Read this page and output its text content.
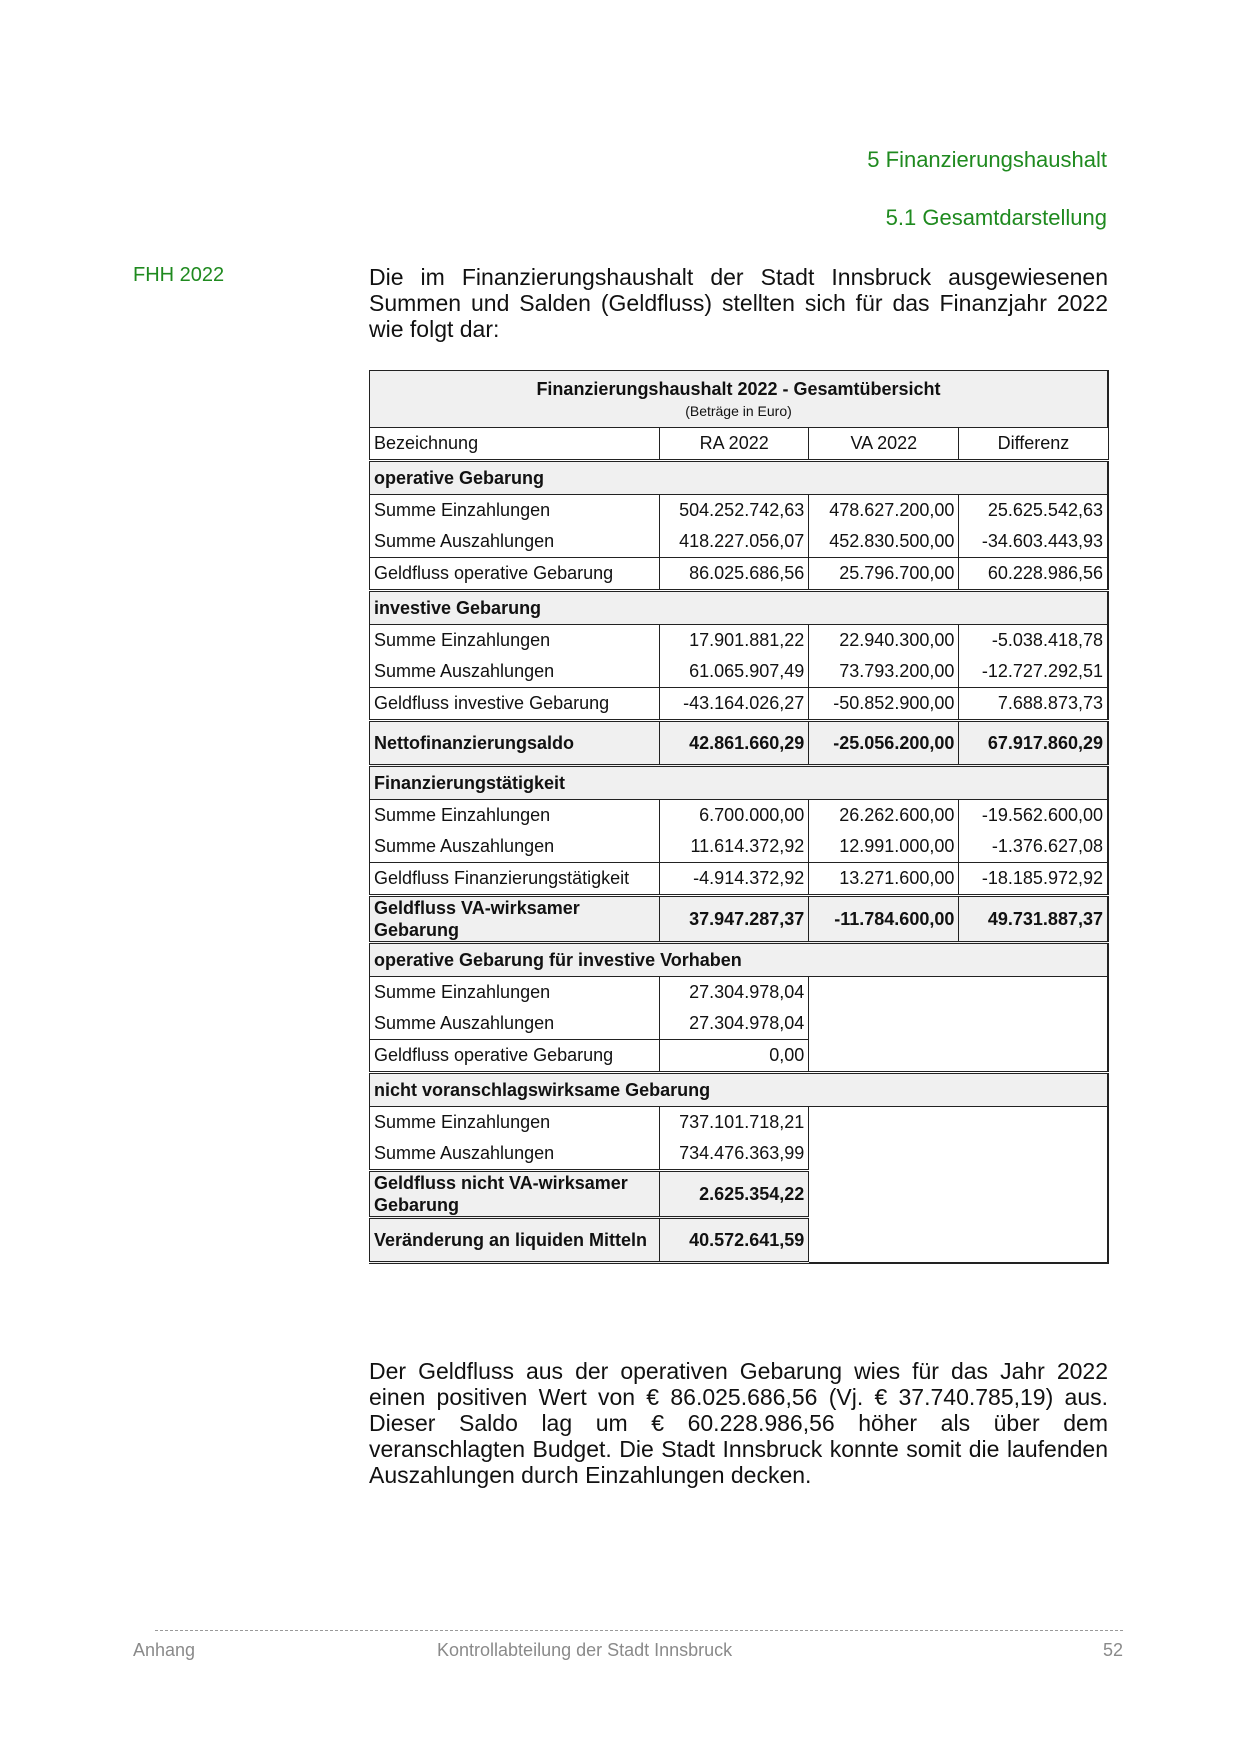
5 Finanzierungshaushalt
5.1 Gesamtdarstellung
FHH 2022	Die im Finanzierungshaushalt der Stadt Innsbruck ausgewiesenen Summen und Salden (Geldfluss) stellten sich für das Finanzjahr 2022 wie folgt dar:
Finanzierungshaushalt 2022 - Gesamtübersicht
(Beträge in Euro)			

Bezeichnung	RA 2022	VA 2022	Differenz
operative Gebarung			
Summe Einzahlungen	504.252.742,63	478.627.200,00	25.625.542,63
Summe Auszahlungen	418.227.056,07	452.830.500,00	-34.603.443,93
Geldfluss operative Gebarung	86.025.686,56	25.796.700,00	60.228.986,56
investive Gebarung			
Summe Einzahlungen	17.901.881,22	22.940.300,00	-5.038.418,78
Summe Auszahlungen	61.065.907,49	73.793.200,00	-12.727.292,51
Geldfluss investive Gebarung	-43.164.026,27	-50.852.900,00	7.688.873,73
Nettofinanzierungsaldo	42.861.660,29	-25.056.200,00	67.917.860,29
Finanzierungstätigkeit			
Summe Einzahlungen	6.700.000,00	26.262.600,00	-19.562.600,00
Summe Auszahlungen	11.614.372,92	12.991.000,00	-1.376.627,08
Geldfluss Finanzierungstätigkeit	-4.914.372,92	13.271.600,00	-18.185.972,92
Geldfluss VA-wirksamer Gebarung	37.947.287,37	-11.784.600,00	49.731.887,37
operative Gebarung für investive Vorhaben			
Summe Einzahlungen	27.304.978,04		
Summe Auszahlungen	27.304.978,04		
Geldfluss operative Gebarung	0,00		
nicht voranschlagswirksame Gebarung			
Summe Einzahlungen	737.101.718,21		
Summe Auszahlungen	734.476.363,99		
Geldfluss nicht VA-wirksamer Gebarung	2.625.354,22		
Veränderung an liquiden Mitteln	40.572.641,59		
Der Geldfluss aus der operativen Gebarung wies für das Jahr 2022 einen positiven Wert von € 86.025.686,56 (Vj. € 37.740.785,19) aus. Dieser Saldo lag um € 60.228.986,56 höher als über dem veranschlagten Budget. Die Stadt Innsbruck konnte somit die laufenden Auszahlungen durch Einzahlungen decken.
Anhang	Kontrollabteilung der Stadt Innsbruck	52
